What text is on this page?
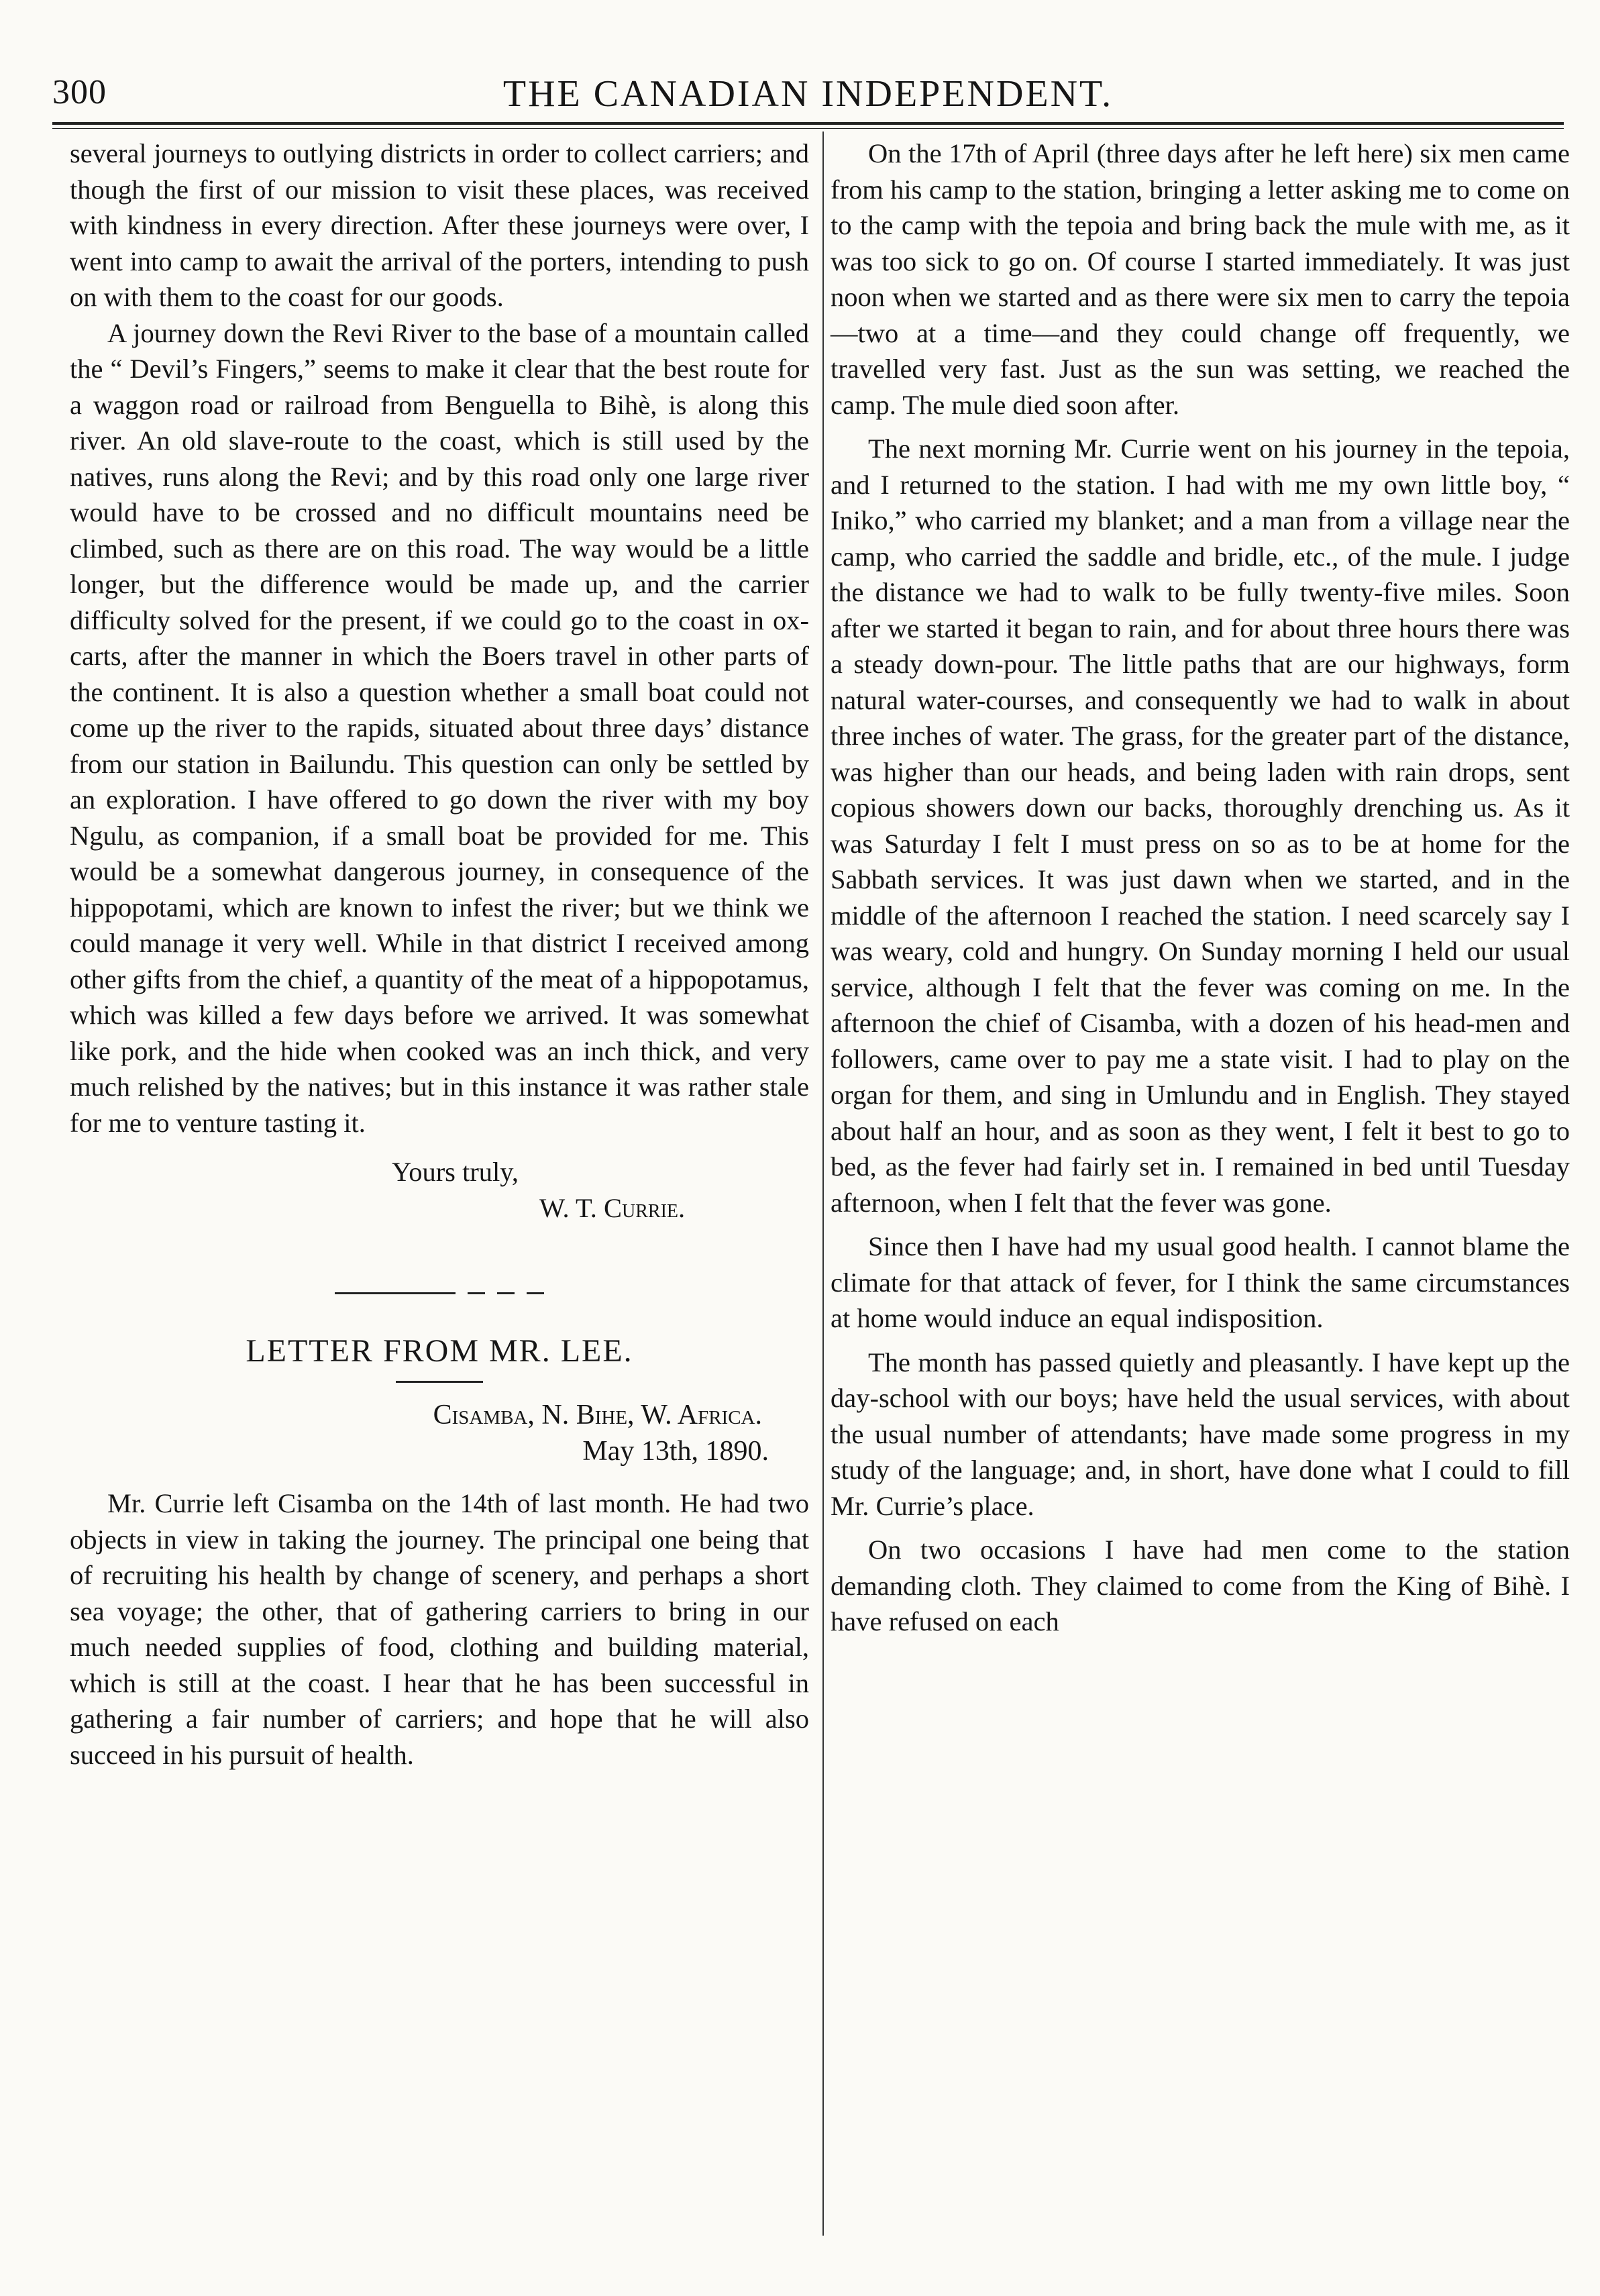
300	THE CANADIAN INDEPENDENT.

several journeys to outlying districts in order to collect carriers; and though the first of our mission to visit these places, was received with kindness in every direction. After these journeys were over, I went into camp to await the arrival of the porters, intending to push on with them to the coast for our goods.

A journey down the Revi River to the base of a mountain called the “ Devil’s Fingers,” seems to make it clear that the best route for a waggon road or railroad from Benguella to Bihè, is along this river. An old slave-route to the coast, which is still used by the natives, runs along the Revi; and by this road only one large river would have to be crossed and no difficult mountains need be climbed, such as there are on this road. The way would be a little longer, but the difference would be made up, and the carrier difficulty solved for the present, if we could go to the coast in ox-carts, after the manner in which the Boers travel in other parts of the continent. It is also a question whether a small boat could not come up the river to the rapids, situated about three days’ distance from our station in Bailundu. This question can only be settled by an exploration. I have offered to go down the river with my boy Ngulu, as companion, if a small boat be provided for me. This would be a somewhat dangerous journey, in consequence of the hippopotami, which are known to infest the river; but we think we could manage it very well. While in that district I received among other gifts from the chief, a quantity of the meat of a hippopotamus, which was killed a few days before we arrived. It was somewhat like pork, and the hide when cooked was an inch thick, and very much relished by the natives; but in this instance it was rather stale for me to venture tasting it.

Yours truly,
W. T. Currie.
LETTER FROM MR. LEE.
Cisamba, N. Bihe, W. Africa.
May 13th, 1890.

Mr. Currie left Cisamba on the 14th of last month. He had two objects in view in taking the journey. The principal one being that of recruiting his health by change of scenery, and perhaps a short sea voyage; the other, that of gathering carriers to bring in our much needed supplies of food, clothing and building material, which is still at the coast. I hear that he has been successful in gathering a fair number of carriers; and hope that he will also succeed in his pursuit of health.

On the 17th of April (three days after he left here) six men came from his camp to the station, bringing a letter asking me to come on to the camp with the tepoia and bring back the mule with me, as it was too sick to go on. Of course I started immediately. It was just noon when we started and as there were six men to carry the tepoia—two at a time—and they could change off frequently, we travelled very fast. Just as the sun was setting, we reached the camp. The mule died soon after.

The next morning Mr. Currie went on his journey in the tepoia, and I returned to the station. I had with me my own little boy, “ Iniko,” who carried my blanket; and a man from a village near the camp, who carried the saddle and bridle, etc., of the mule. I judge the distance we had to walk to be fully twenty-five miles. Soon after we started it began to rain, and for about three hours there was a steady down-pour. The little paths that are our highways, form natural water-courses, and consequently we had to walk in about three inches of water. The grass, for the greater part of the distance, was higher than our heads, and being laden with rain drops, sent copious showers down our backs, thoroughly drenching us. As it was Saturday I felt I must press on so as to be at home for the Sabbath services. It was just dawn when we started, and in the middle of the afternoon I reached the station. I need scarcely say I was weary, cold and hungry. On Sunday morning I held our usual service, although I felt that the fever was coming on me. In the afternoon the chief of Cisamba, with a dozen of his head-men and followers, came over to pay me a state visit. I had to play on the organ for them, and sing in Umlundu and in English. They stayed about half an hour, and as soon as they went, I felt it best to go to bed, as the fever had fairly set in. I remained in bed until Tuesday afternoon, when I felt that the fever was gone.

Since then I have had my usual good health. I cannot blame the climate for that attack of fever, for I think the same circumstances at home would induce an equal indisposition.

The month has passed quietly and pleasantly. I have kept up the day-school with our boys; have held the usual services, with about the usual number of attendants; have made some progress in my study of the language; and, in short, have done what I could to fill Mr. Currie’s place.

On two occasions I have had men come to the station demanding cloth. They claimed to come from the King of Bihè. I have refused on each
